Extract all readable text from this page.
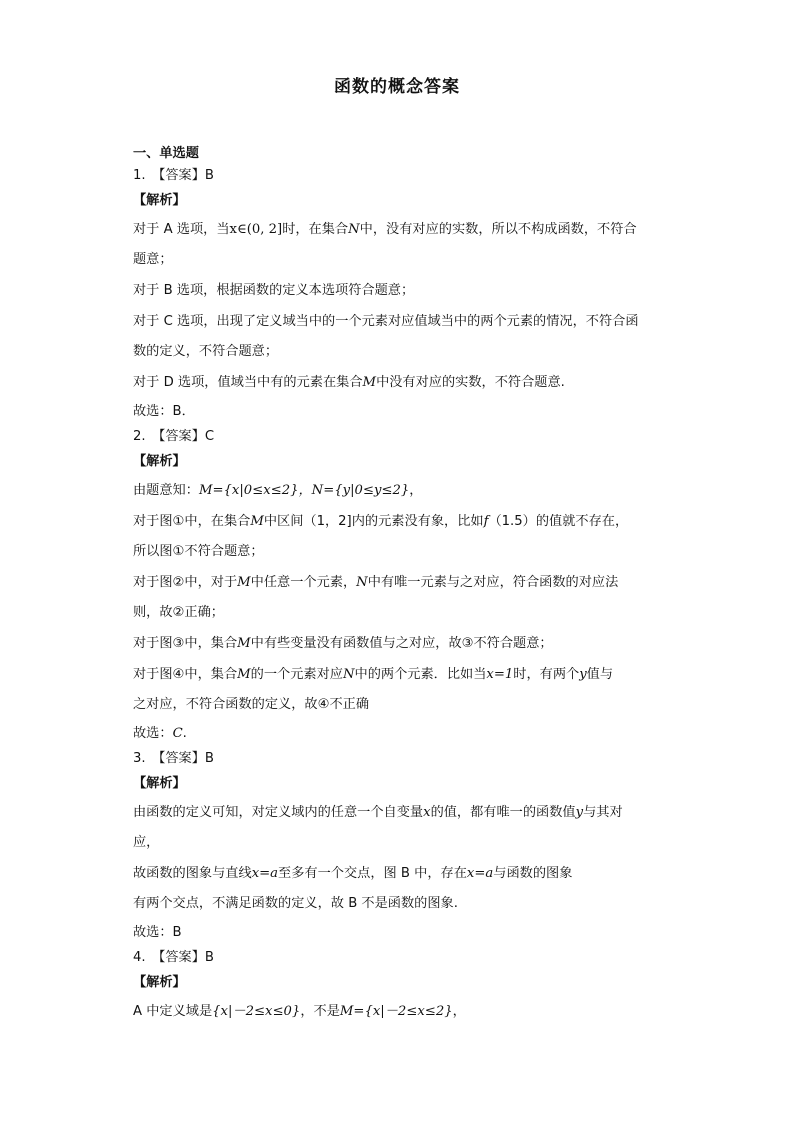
函数的概念答案
一、单选题
1.　【答案】B
【解析】
对于 A 选项，当x∈(0, 2]时，在集合N中，没有对应的实数，所以不构成函数，不符合
题意；
对于 B 选项，根据函数的定义本选项符合题意；
对于 C 选项，出现了定义域当中的一个元素对应值域当中的两个元素的情况，不符合函
数的定义，不符合题意；
对于 D 选项，值域当中有的元素在集合M中没有对应的实数，不符合题意.
故选：B．
2.　【答案】C
【解析】
由题意知：M={x|0≤x≤2}，N={y|0≤y≤2}，
对于图①中，在集合M中区间（1，2]内的元素没有象，比如f（1.5）的值就不存在，
所以图①不符合题意；
对于图②中，对于M中任意一个元素，N中有唯一元素与之对应，符合函数的对应法
则，故②正确；
对于图③中，集合M中有些变量没有函数值与之对应，故③不符合题意；
对于图④中，集合M的一个元素对应N中的两个元素．比如当x=1时，有两个y值与
之对应，不符合函数的定义，故④不正确
故选：C.
3.　【答案】B
【解析】
由函数的定义可知，对定义域内的任意一个自变量x的值，都有唯一的函数值y与其对
应，
故函数的图象与直线x=a至多有一个交点，图 B 中，存在x=a与函数的图象
有两个交点，不满足函数的定义，故 B 不是函数的图象.
故选：B
4.　【答案】B
【解析】
A 中定义域是{x|－2≤x≤0}，不是M={x|－2≤x≤2}，
